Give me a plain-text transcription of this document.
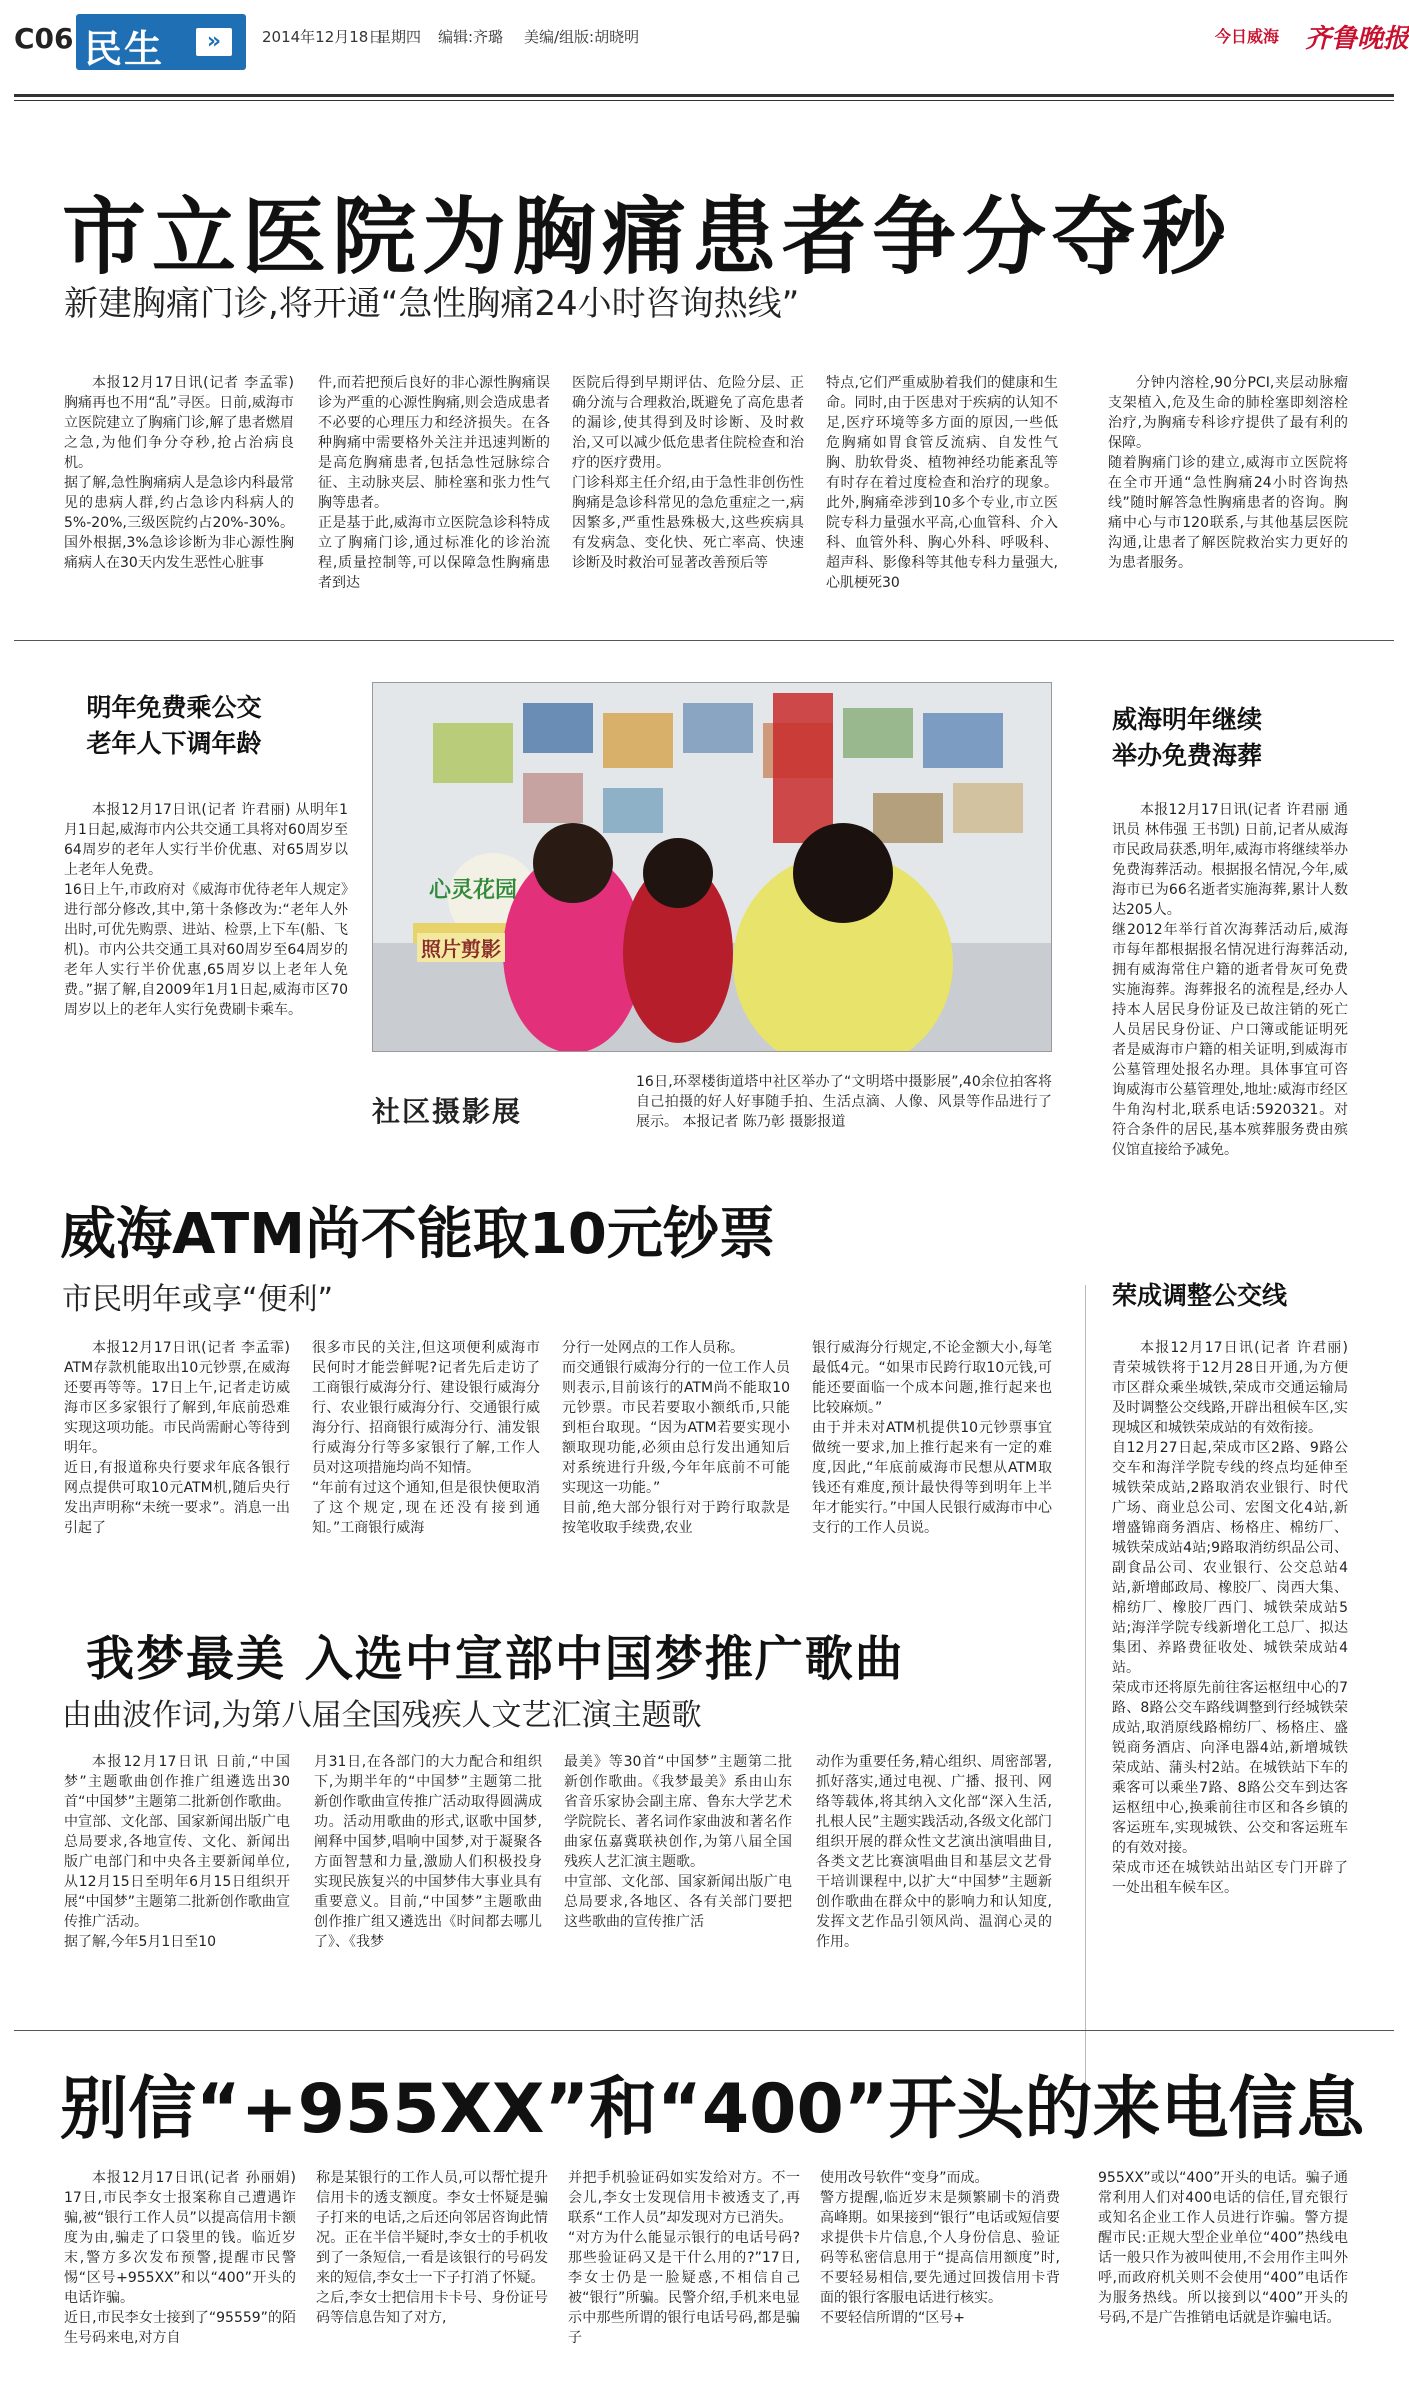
C06 民生	»	2014年12月18日
星期四 编辑:齐璐 美编/组版:胡晓明	今日威海 齐鲁晚报
市立医院为胸痛患者争分夺秒
新建胸痛门诊,将开通“急性胸痛24小时咨询热线”
本报12月17日讯(记者 李孟霏) 胸痛再也不用“乱”寻医。日前,威海市立医院建立了胸痛门诊,解了患者燃眉之急,为他们争分夺秒,抢占治病良机。
据了解,急性胸痛病人是急诊内科最常见的患病人群,约占急诊内科病人的5%-20%,三级医院约占20%-30%。国外根据,3%急诊诊断为非心源性胸痛病人在30天内发生恶性心脏事
件,而若把预后良好的非心源性胸痛误诊为严重的心源性胸痛,则会造成患者不必要的心理压力和经济损失。在各种胸痛中需要格外关注并迅速判断的是高危胸痛患者,包括急性冠脉综合征、主动脉夹层、肺栓塞和张力性气胸等患者。
正是基于此,威海市立医院急诊科特成立了胸痛门诊,通过标准化的诊治流程,质量控制等,可以保障急性胸痛患者到达
医院后得到早期评估、危险分层、正确分流与合理救治,既避免了高危患者的漏诊,使其得到及时诊断、及时救治,又可以减少低危患者住院检查和治疗的医疗费用。
门诊科郑主任介绍,由于急性非创伤性胸痛是急诊科常见的急危重症之一,病因繁多,严重性悬殊极大,这些疾病具有发病急、变化快、死亡率高、快速诊断及时救治可显著改善预后等
特点,它们严重威胁着我们的健康和生命。同时,由于医患对于疾病的认知不足,医疗环境等多方面的原因,一些低危胸痛如胃食管反流病、自发性气胸、肋软骨炎、植物神经功能紊乱等有时存在着过度检查和治疗的现象。此外,胸痛牵涉到10多个专业,市立医院专科力量强水平高,心血管科、介入科、血管外科、胸心外科、呼吸科、超声科、影像科等其他专科力量强大,心肌梗死30
分钟内溶栓,90分PCI,夹层动脉瘤支架植入,危及生命的肺栓塞即刻溶栓治疗,为胸痛专科诊疗提供了最有利的保障。
随着胸痛门诊的建立,威海市立医院将在全市开通“急性胸痛24小时咨询热线”随时解答急性胸痛患者的咨询。胸痛中心与市120联系,与其他基层医院沟通,让患者了解医院救治实力更好的为患者服务。
明年免费乘公交
老年人下调年龄
本报12月17日讯(记者 许君丽) 从明年1月1日起,威海市内公共交通工具将对60周岁至64周岁的老年人实行半价优惠、对65周岁以上老年人免费。
16日上午,市政府对《威海市优待老年人规定》进行部分修改,其中,第十条修改为:“老年人外出时,可优先购票、进站、检票,上下车(船、飞机)。市内公共交通工具对60周岁至64周岁的老年人实行半价优惠,65周岁以上老年人免费。”据了解,自2009年1月1日起,威海市区70周岁以上的老年人实行免费刷卡乘车。
心灵花园
照片剪影
社区摄影展
16日,环翠楼街道塔中社区举办了“文明塔中摄影展”,40余位拍客将自己拍摄的好人好事随手拍、生活点滴、人像、风景等作品进行了展示。 本报记者 陈乃彰 摄影报道
威海明年继续
举办免费海葬
本报12月17日讯(记者 许君丽 通讯员 林伟强 王书凯) 日前,记者从威海市民政局获悉,明年,威海市将继续举办免费海葬活动。根据报名情况,今年,威海市已为66名逝者实施海葬,累计人数达205人。
继2012年举行首次海葬活动后,威海市每年都根据报名情况进行海葬活动,拥有威海常住户籍的逝者骨灰可免费实施海葬。海葬报名的流程是,经办人持本人居民身份证及已故注销的死亡人员居民身份证、户口簿或能证明死者是威海市户籍的相关证明,到威海市公墓管理处报名办理。具体事宜可咨询威海市公墓管理处,地址:威海市经区牛角沟村北,联系电话:5920321。对符合条件的居民,基本殡葬服务费由殡仪馆直接给予减免。
威海ATM尚不能取10元钞票
市民明年或享“便利”
本报12月17日讯(记者 李孟霏) ATM存款机能取出10元钞票,在威海还要再等等。17日上午,记者走访威海市区多家银行了解到,年底前恐难实现这项功能。市民尚需耐心等待到明年。
近日,有报道称央行要求年底各银行网点提供可取10元ATM机,随后央行发出声明称“未统一要求”。消息一出引起了
很多市民的关注,但这项便利威海市民何时才能尝鲜呢?记者先后走访了工商银行威海分行、建设银行威海分行、农业银行威海分行、交通银行威海分行、招商银行威海分行、浦发银行威海分行等多家银行了解,工作人员对这项措施均尚不知情。
“年前有过这个通知,但是很快便取消了这个规定,现在还没有接到通知。”工商银行威海
分行一处网点的工作人员称。
而交通银行威海分行的一位工作人员则表示,目前该行的ATM尚不能取10元钞票。市民若要取小额纸币,只能到柜台取现。“因为ATM若要实现小额取现功能,必须由总行发出通知后对系统进行升级,今年年底前不可能实现这一功能。”
目前,绝大部分银行对于跨行取款是按笔收取手续费,农业
银行威海分行规定,不论金额大小,每笔最低4元。“如果市民跨行取10元钱,可能还要面临一个成本问题,推行起来也比较麻烦。”
由于并未对ATM机提供10元钞票事宜做统一要求,加上推行起来有一定的难度,因此,“年底前威海市民想从ATM取钱还有难度,预计最快得等到明年上半年才能实行。”中国人民银行威海市中心支行的工作人员说。
荣成调整公交线
本报12月17日讯(记者 许君丽) 青荣城铁将于12月28日开通,为方便市区群众乘坐城铁,荣成市交通运输局及时调整公交线路,开辟出租候车区,实现城区和城铁荣成站的有效衔接。
自12月27日起,荣成市区2路、9路公交车和海洋学院专线的终点均延伸至城铁荣成站,2路取消农业银行、时代广场、商业总公司、宏图文化4站,新增盛锦商务酒店、杨格庄、棉纺厂、城铁荣成站4站;9路取消纺织品公司、副食品公司、农业银行、公交总站4站,新增邮政局、橡胶厂、岗西大集、棉纺厂、橡胶厂西门、城铁荣成站5站;海洋学院专线新增化工总厂、拟达集团、养路费征收处、城铁荣成站4站。
荣成市还将原先前往客运枢纽中心的7路、8路公交车路线调整到行经城铁荣成站,取消原线路棉纺厂、杨格庄、盛锐商务酒店、向泽电器4站,新增城铁荣成站、蒲头村2站。在城铁站下车的乘客可以乘坐7路、8路公交车到达客运枢纽中心,换乘前往市区和各乡镇的客运班车,实现城铁、公交和客运班车的有效对接。
荣成市还在城铁站出站区专门开辟了一处出租车候车区。
我梦最美 入选中宣部中国梦推广歌曲
由曲波作词,为第八届全国残疾人文艺汇演主题歌
本报12月17日讯 日前,“中国梦”主题歌曲创作推广组遴选出30首“中国梦”主题第二批新创作歌曲。中宣部、文化部、国家新闻出版广电总局要求,各地宣传、文化、新闻出版广电部门和中央各主要新闻单位,从12月15日至明年6月15日组织开展“中国梦”主题第二批新创作歌曲宣传推广活动。
据了解,今年5月1日至10
月31日,在各部门的大力配合和组织下,为期半年的“中国梦”主题第二批新创作歌曲宣传推广活动取得圆满成功。活动用歌曲的形式,讴歌中国梦,阐释中国梦,唱响中国梦,对于凝聚各方面智慧和力量,激励人们积极投身实现民族复兴的中国梦伟大事业具有重要意义。目前,“中国梦”主题歌曲创作推广组又遴选出《时间都去哪儿了》、《我梦
最美》等30首“中国梦”主题第二批新创作歌曲。《我梦最美》系由山东省音乐家协会副主席、鲁东大学艺术学院院长、著名词作家曲波和著名作曲家伍嘉冀联袂创作,为第八届全国残疾人艺汇演主题歌。
中宣部、文化部、国家新闻出版广电总局要求,各地区、各有关部门要把这些歌曲的宣传推广活
动作为重要任务,精心组织、周密部署,抓好落实,通过电视、广播、报刊、网络等载体,将其纳入文化部“深入生活,扎根人民”主题实践活动,各级文化部门组织开展的群众性文艺演出演唱曲目,各类文艺比赛演唱曲目和基层文艺骨干培训课程中,以扩大“中国梦”主题新创作歌曲在群众中的影响力和认知度,发挥文艺作品引领风尚、温润心灵的作用。
别信“+955XX”和“400”开头的来电信息
本报12月17日讯(记者 孙丽娟) 17日,市民李女士报案称自己遭遇诈骗,被“银行工作人员”以提高信用卡额度为由,骗走了口袋里的钱。临近岁末,警方多次发布预警,提醒市民警惕“区号+955XX”和以“400”开头的电话诈骗。
近日,市民李女士接到了“95559”的陌生号码来电,对方自
称是某银行的工作人员,可以帮忙提升信用卡的透支额度。李女士怀疑是骗子打来的电话,之后还向邻居咨询此情况。正在半信半疑时,李女士的手机收到了一条短信,一看是该银行的号码发来的短信,李女士一下子打消了怀疑。
之后,李女士把信用卡卡号、身份证号码等信息告知了对方,
并把手机验证码如实发给对方。不一会儿,李女士发现信用卡被透支了,再联系“工作人员”却发现对方已消失。
“对方为什么能显示银行的电话号码?那些验证码又是干什么用的?”17日,李女士仍是一脸疑惑,不相信自己被“银行”所骗。民警介绍,手机来电显示中那些所谓的银行电话号码,都是骗子
使用改号软件“变身”而成。
警方提醒,临近岁末是频繁刷卡的消费高峰期。如果接到“银行”电话或短信要求提供卡片信息,个人身份信息、验证码等私密信息用于“提高信用额度”时,不要轻易相信,要先通过回拨信用卡背面的银行客服电话进行核实。
不要轻信所谓的“区号+
955XX”或以“400”开头的电话。骗子通常利用人们对400电话的信任,冒充银行或知名企业工作人员进行诈骗。警方提醒市民:正规大型企业单位“400”热线电话一般只作为被叫使用,不会用作主叫外呼,而政府机关则不会使用“400”电话作为服务热线。所以接到以“400”开头的号码,不是广告推销电话就是诈骗电话。
